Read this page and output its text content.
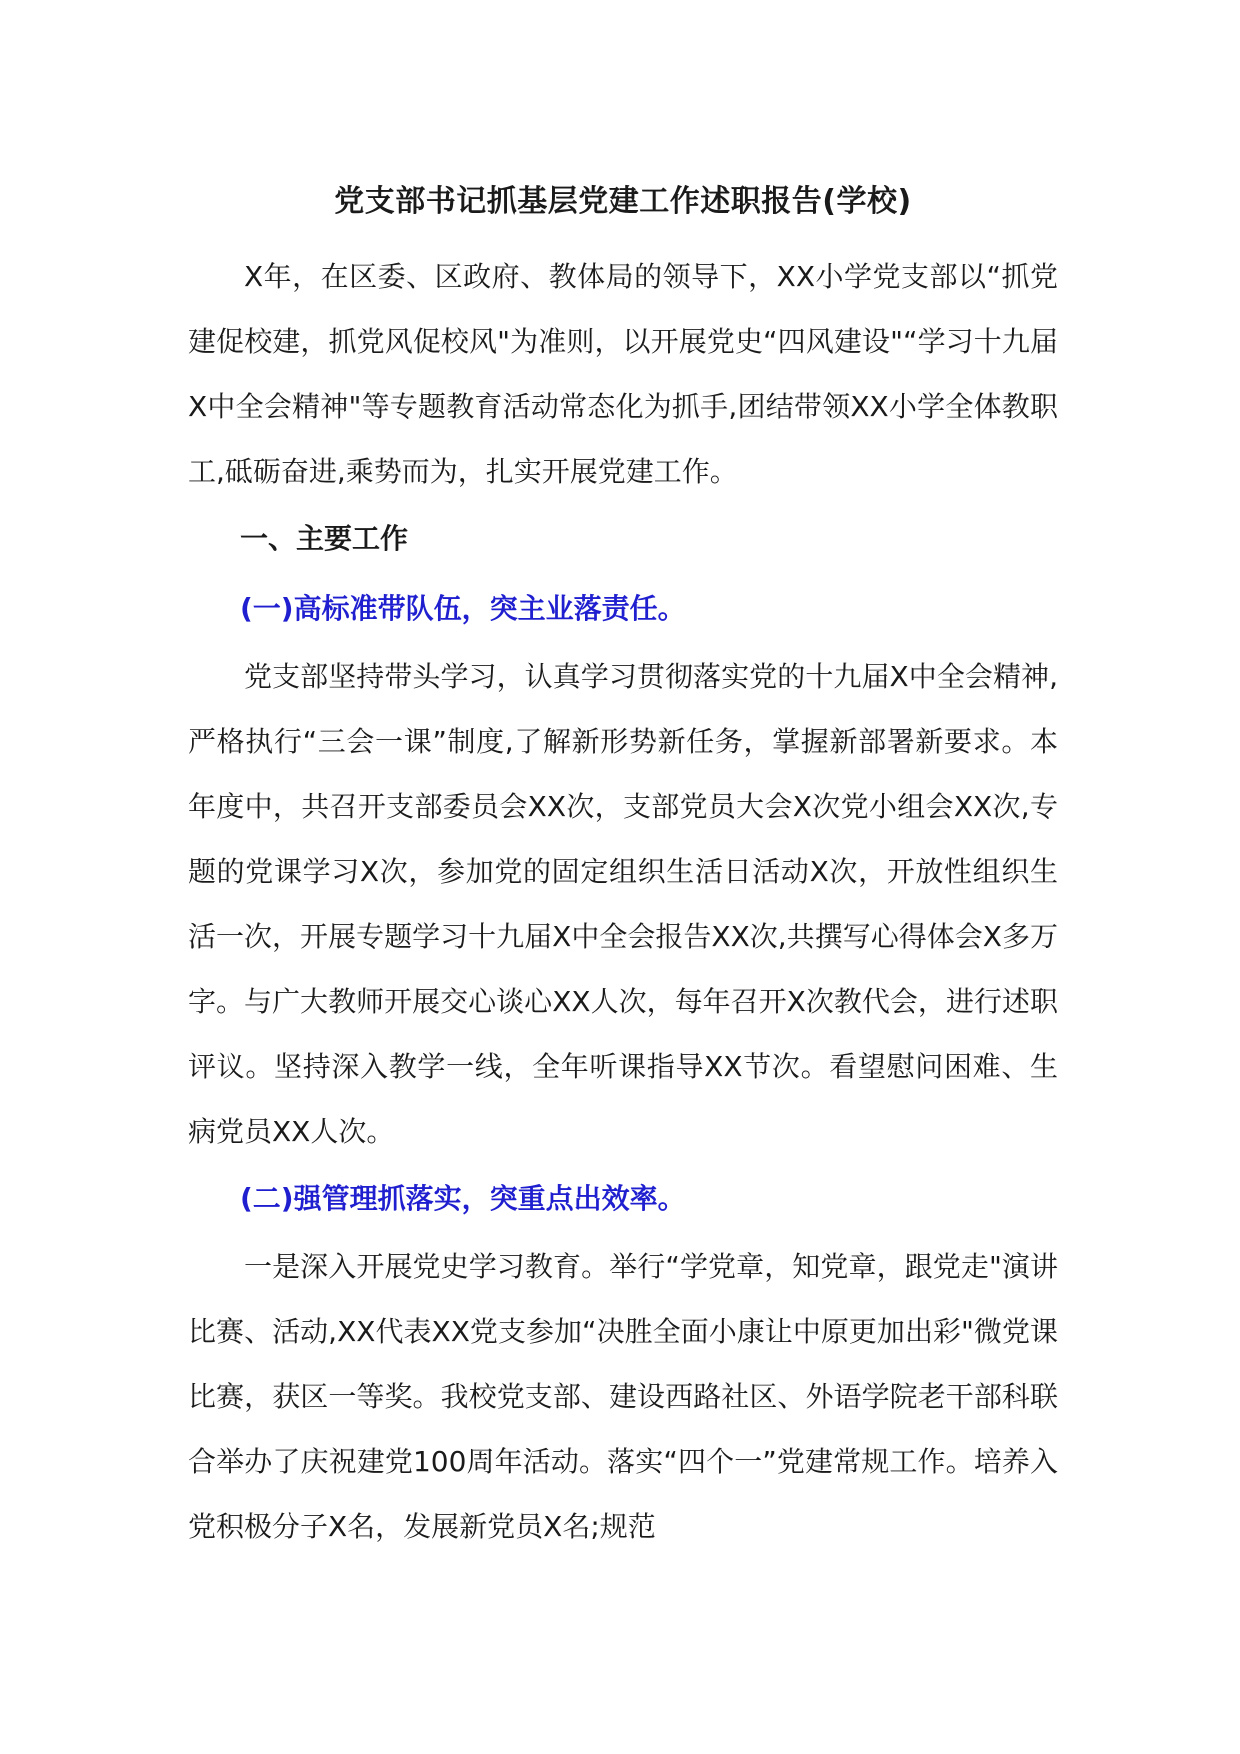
党支部书记抓基层党建工作述职报告(学校)

X年，在区委、区政府、教体局的领导下，XX小学党支部以“抓党建促校建，抓党风促校风"为准则，以开展党史“四风建设"“学习十九届X中全会精神"等专题教育活动常态化为抓手,团结带领XX小学全体教职工,砥砺奋进,乘势而为，扎实开展党建工作。

一、主要工作
(一)高标准带队伍，突主业落责任。

党支部坚持带头学习，认真学习贯彻落实党的十九届X中全会精神,严格执行“三会一课”制度,了解新形势新任务，掌握新部署新要求。本年度中，共召开支部委员会XX次，支部党员大会X次党小组会XX次,专题的党课学习X次，参加党的固定组织生活日活动X次，开放性组织生活一次，开展专题学习十九届X中全会报告XX次,共撰写心得体会X多万字。与广大教师开展交心谈心XX人次，每年召开X次教代会，进行述职评议。坚持深入教学一线，全年听课指导XX节次。看望慰问困难、生病党员XX人次。

(二)强管理抓落实，突重点出效率。

一是深入开展党史学习教育。举行“学党章，知党章，跟党走"演讲比赛、活动,XX代表XX党支参加“决胜全面小康让中原更加出彩"微党课比赛，获区一等奖。我校党支部、建设西路社区、外语学院老干部科联合举办了庆祝建党100周年活动。落实“四个一”党建常规工作。培养入党积极分子X名，发展新党员X名;规范
